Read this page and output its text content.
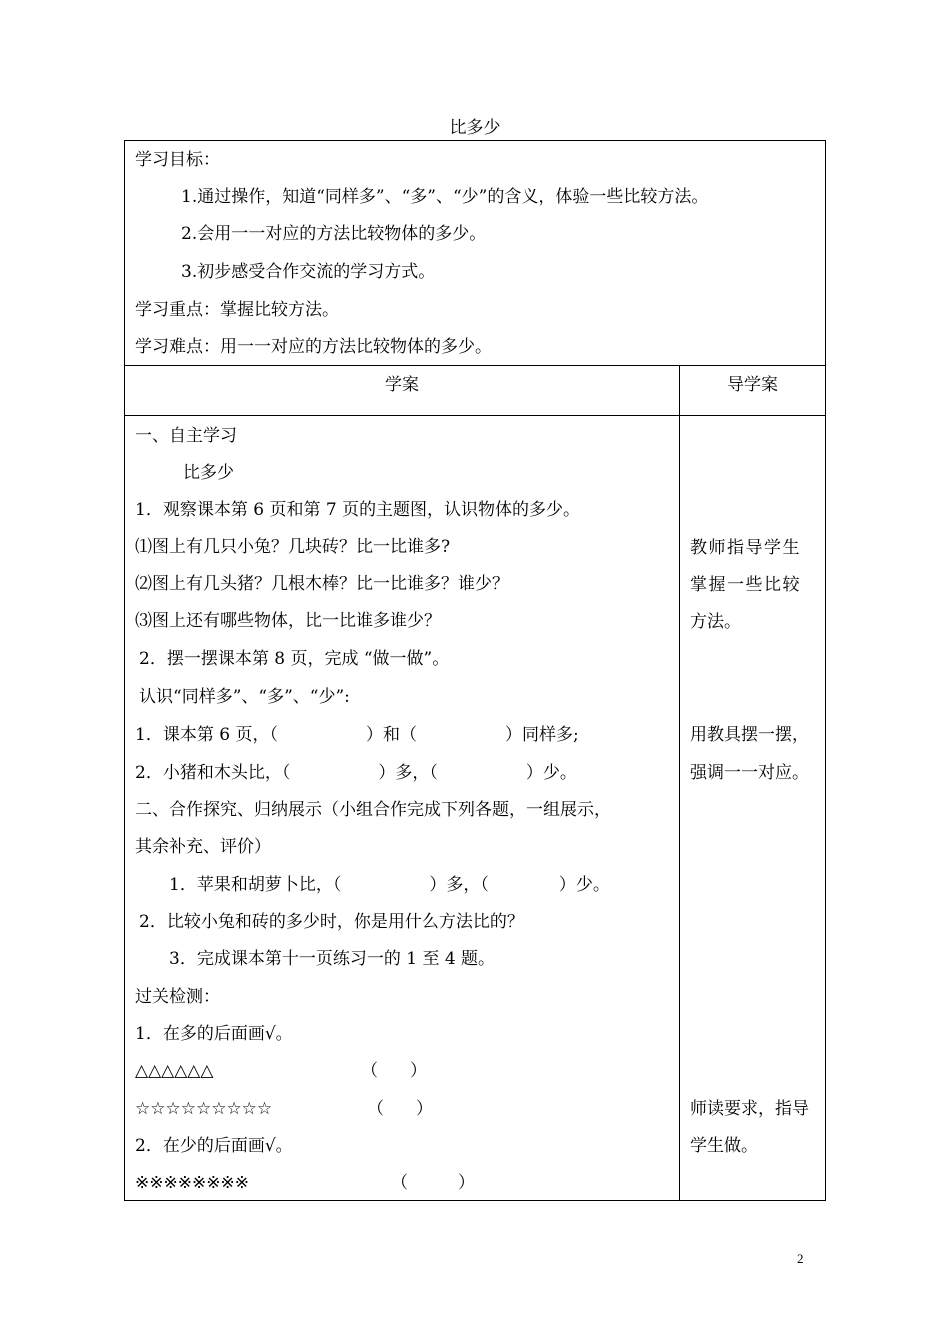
比多少
学习目标：
1.通过操作，知道“同样多”、“多”、“少”的含义，体验一些比较方法。
2.会用一一对应的方法比较物体的多少。
3.初步感受合作交流的学习方式。
学习重点：掌握比较方法。
学习难点：用一一对应的方法比较物体的多少。
学案	导学案
一、自主学习
比多少
1．观察课本第 6 页和第 7 页的主题图，认识物体的多少。
⑴图上有几只小兔？几块砖？比一比谁多?
⑵图上有几头猪？几根木棒？比一比谁多？谁少？
⑶图上还有哪些物体，比一比谁多谁少？
2．摆一摆课本第 8 页，完成 “做一做”。
认识“同样多”、“多”、“少”:
1．课本第 6 页，（	）和（	）同样多;
2．小猪和木头比，（	）多，（	）少。
二、合作探究、归纳展示（小组合作完成下列各题，一组展示，
其余补充、评价）
1．苹果和胡萝卜比，（	）多，（	）少。
2．比较小兔和砖的多少时，你是用什么方法比的？
3．完成课本第十一页练习一的 1 至 4 题。
过关检测：
1．在多的后面画√。
△△△△△△	（ ）
☆☆☆☆☆☆☆☆☆	（ ）
2．在少的后面画√。
※※※※※※※※	（	）
教师指导学生
掌握一些比较
方法。
用教具摆一摆，
强调一一对应。
师读要求，指导
学生做。
2
